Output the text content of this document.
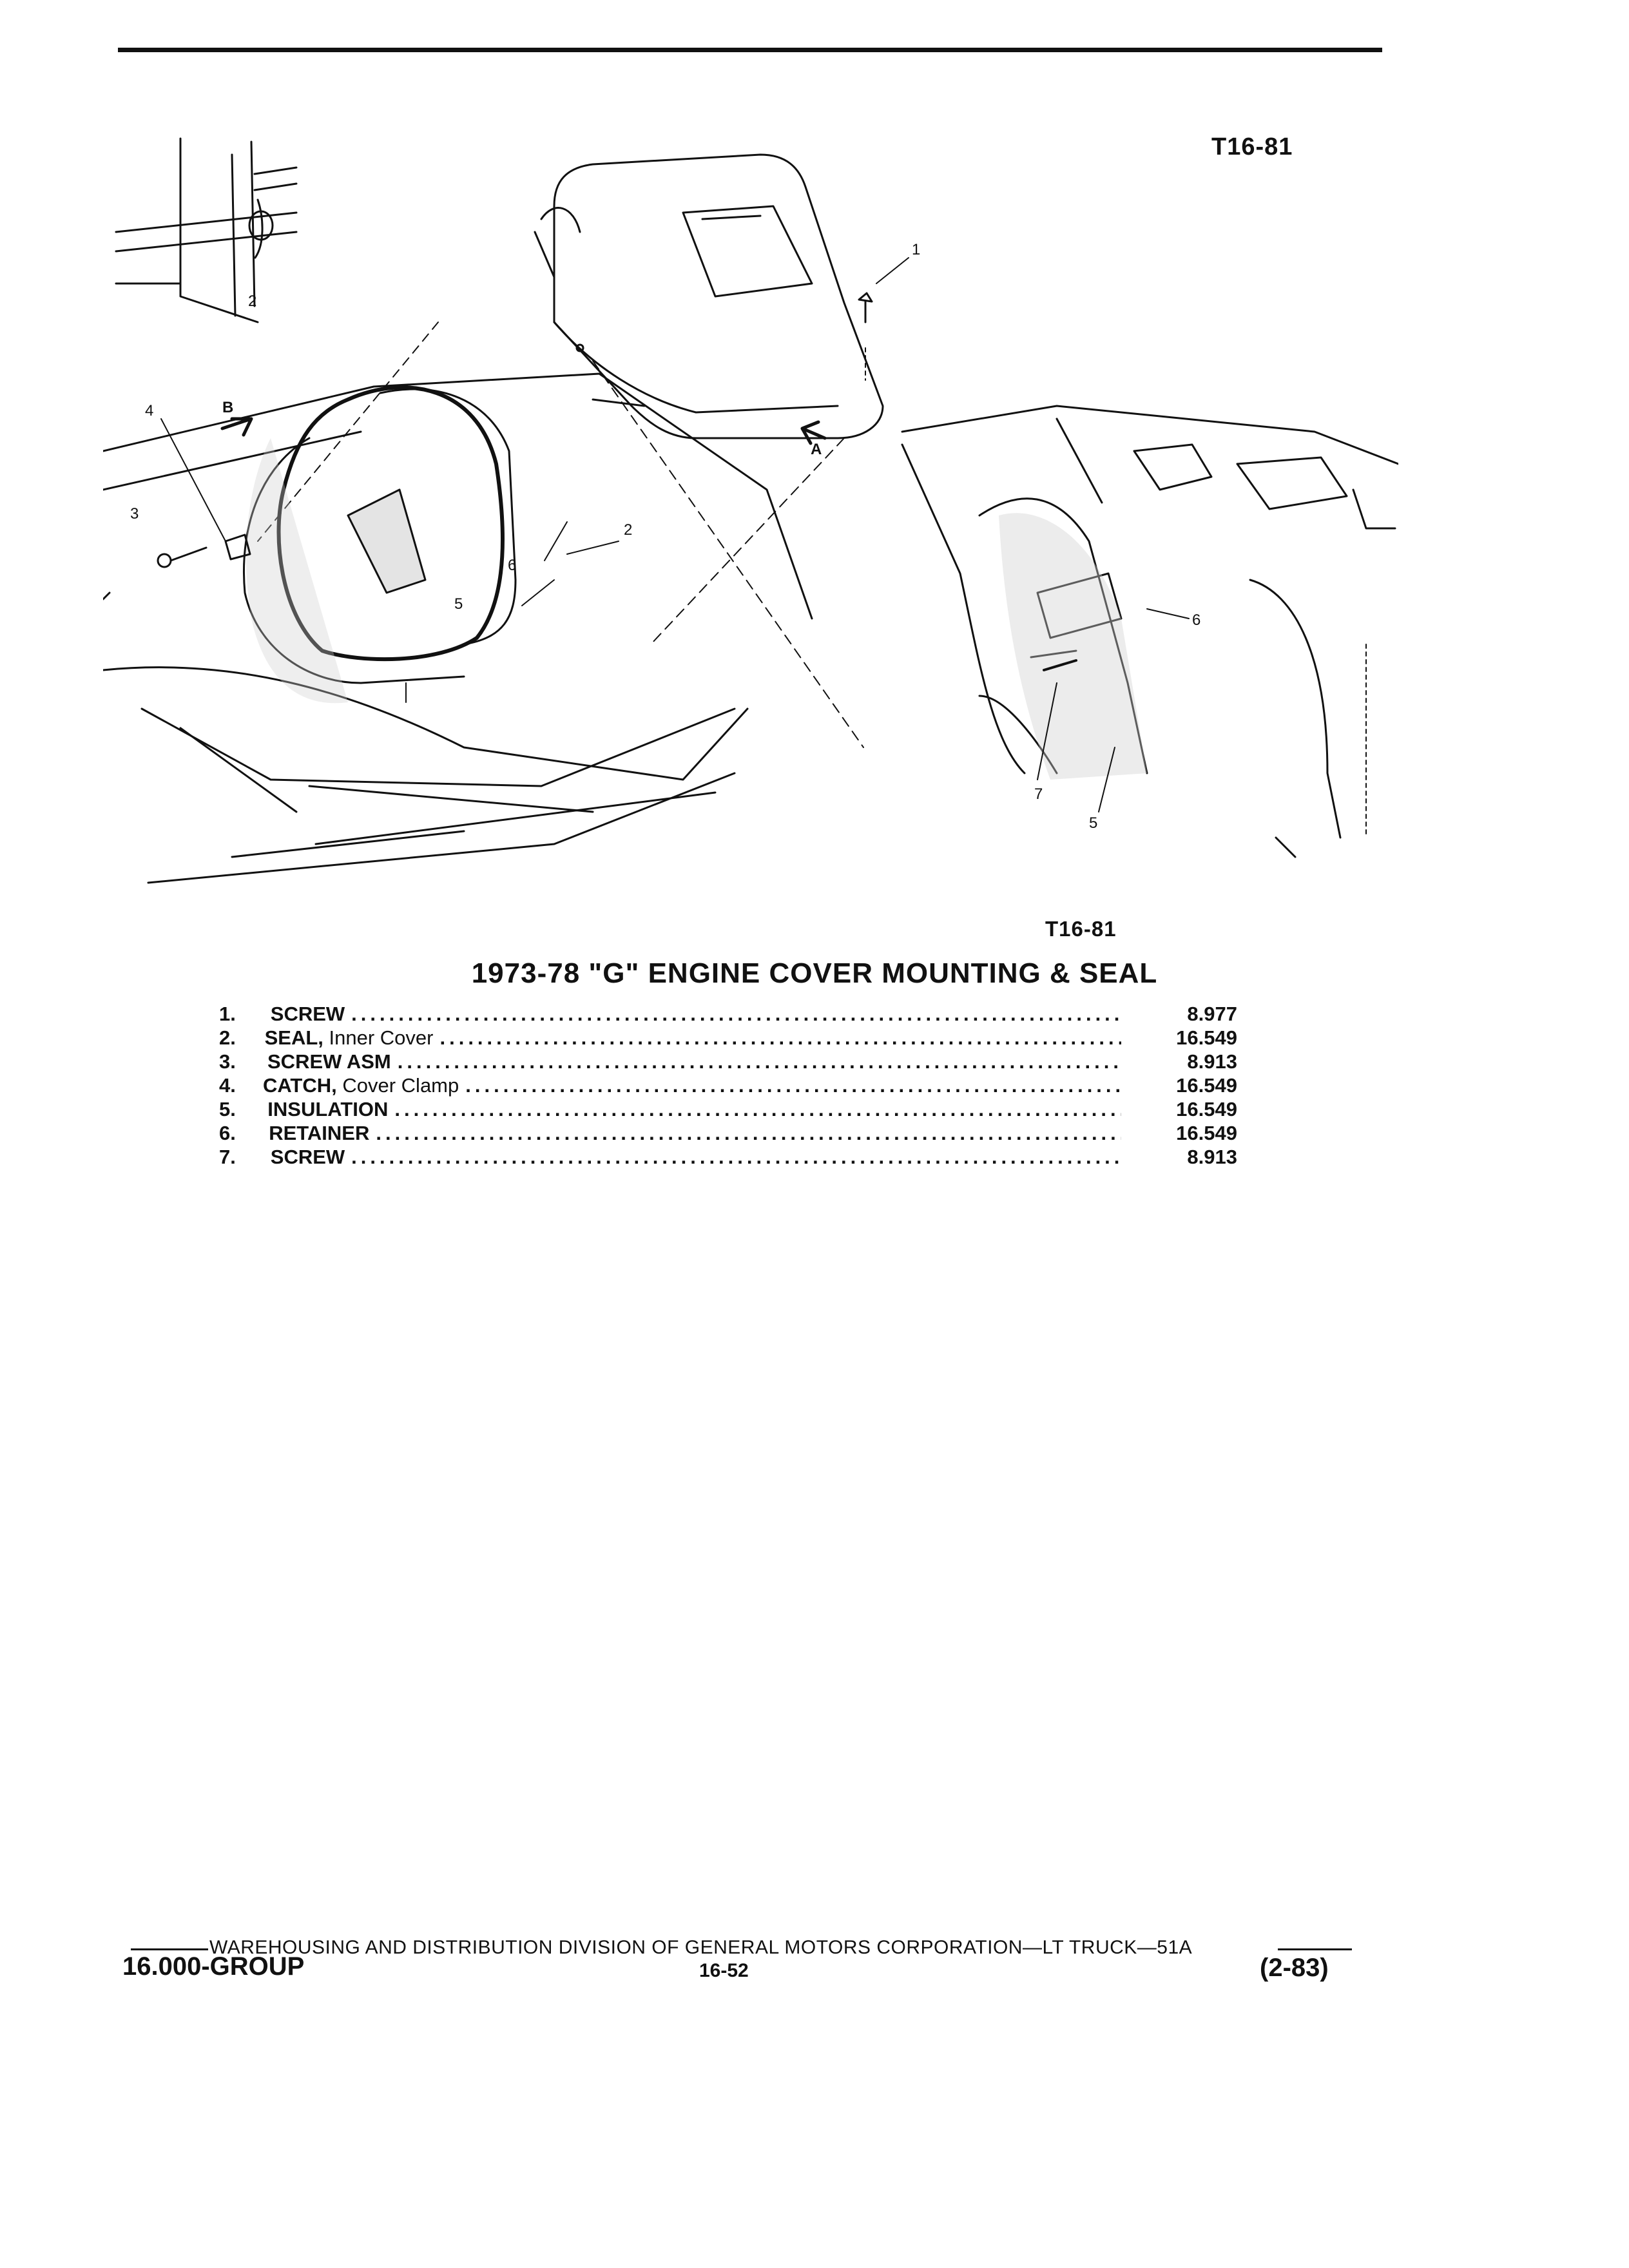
T16-81
2
1
4
3
6
5
2
6
7
5
B
A
T16-81
1973-78 "G" ENGINE COVER MOUNTING & SEAL
1.	SCREW .....	8.977
2.	SEAL, Inner Cover .....	16.549
3.	SCREW ASM .....	8.913
4.	CATCH, Cover Clamp .....	16.549
5.	INSULATION .....	16.549
6.	RETAINER .....	16.549
7.	SCREW .....	8.913
WAREHOUSING AND DISTRIBUTION DIVISION OF GENERAL MOTORS CORPORATION—LT TRUCK—51A
16.000-GROUP	16-52	(2-83)
